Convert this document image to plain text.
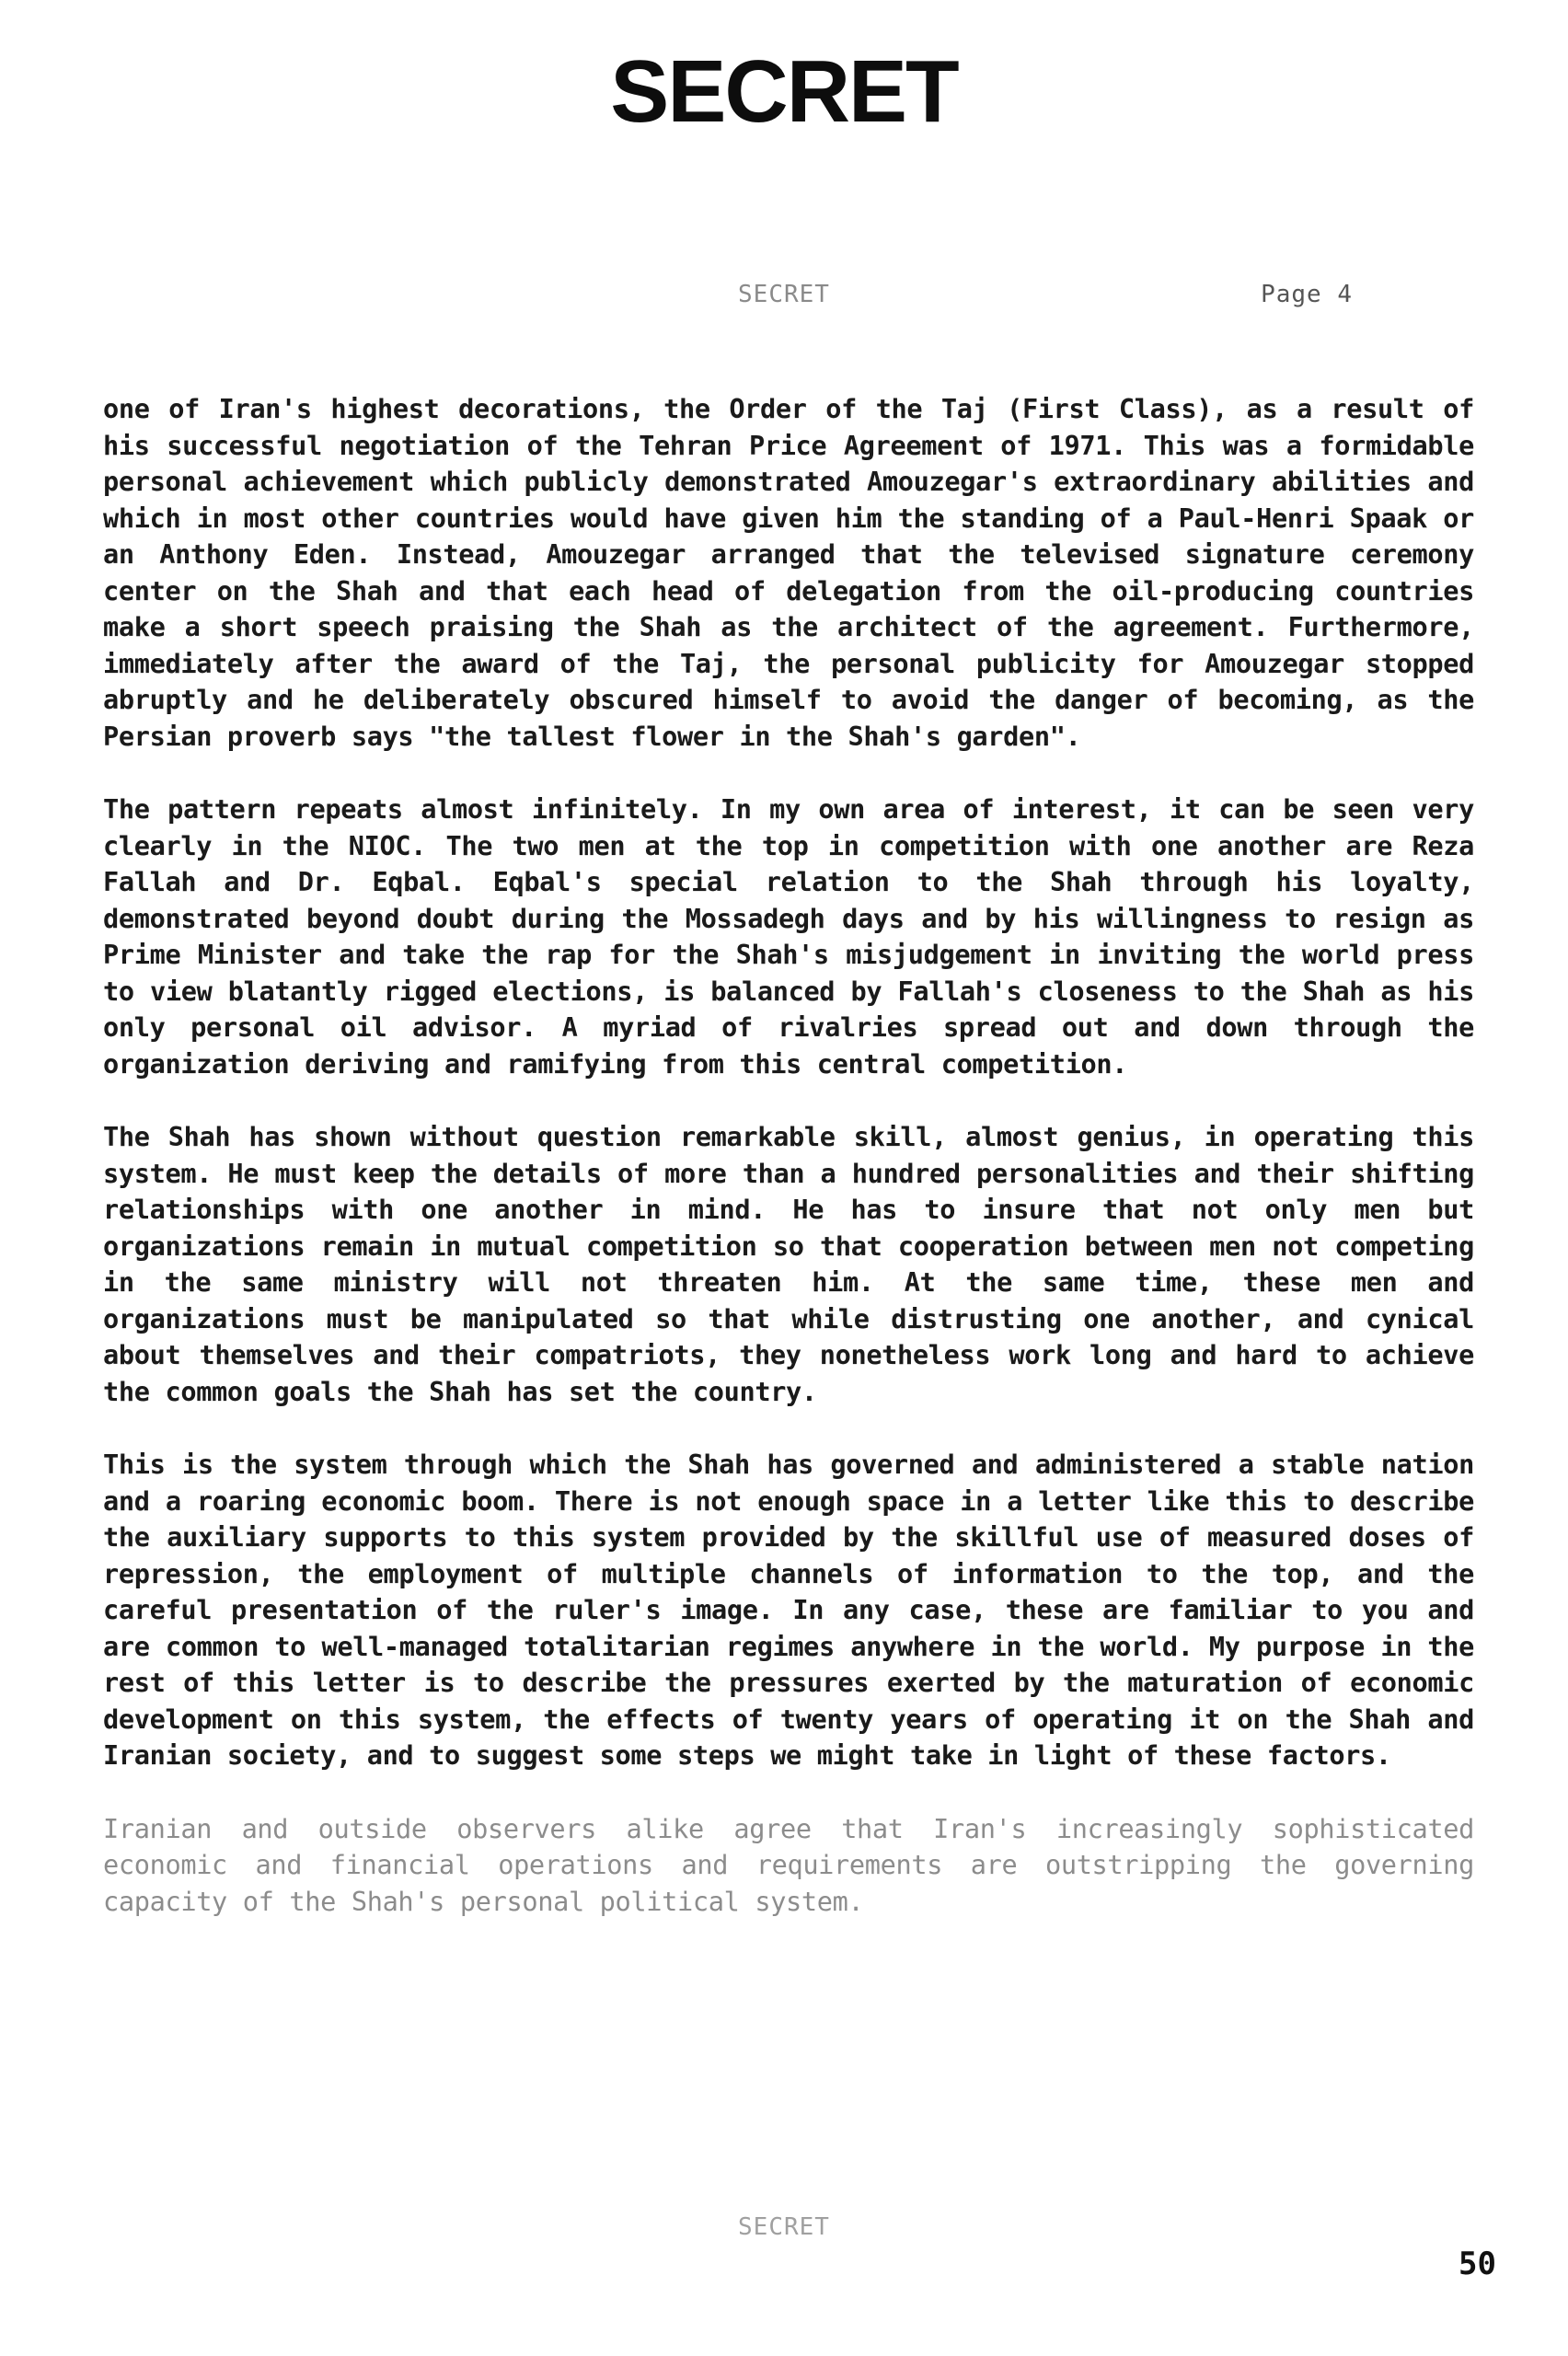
SECRET
SECRET	Page 4

one of Iran's highest decorations, the Order of the Taj (First Class), as a result of his successful negotiation of the Tehran Price Agreement of 1971. This was a formidable personal achievement which publicly demonstrated Amouzegar's extraordinary abilities and which in most other countries would have given him the standing of a Paul-Henri Spaak or an Anthony Eden. Instead, Amouzegar arranged that the televised signature ceremony center on the Shah and that each head of delegation from the oil-producing countries make a short speech praising the Shah as the architect of the agreement. Furthermore, immediately after the award of the Taj, the personal publicity for Amouzegar stopped abruptly and he deliberately obscured himself to avoid the danger of becoming, as the Persian proverb says "the tallest flower in the Shah's garden".

The pattern repeats almost infinitely. In my own area of interest, it can be seen very clearly in the NIOC. The two men at the top in competition with one another are Reza Fallah and Dr. Eqbal. Eqbal's special relation to the Shah through his loyalty, demonstrated beyond doubt during the Mossadegh days and by his willingness to resign as Prime Minister and take the rap for the Shah's misjudgement in inviting the world press to view blatantly rigged elections, is balanced by Fallah's closeness to the Shah as his only personal oil advisor. A myriad of rivalries spread out and down through the organization deriving and ramifying from this central competition.

The Shah has shown without question remarkable skill, almost genius, in operating this system. He must keep the details of more than a hundred personalities and their shifting relationships with one another in mind. He has to insure that not only men but organizations remain in mutual competition so that cooperation between men not competing in the same ministry will not threaten him. At the same time, these men and organizations must be manipulated so that while distrusting one another, and cynical about themselves and their compatriots, they nonetheless work long and hard to achieve the common goals the Shah has set the country.

This is the system through which the Shah has governed and administered a stable nation and a roaring economic boom. There is not enough space in a letter like this to describe the auxiliary supports to this system provided by the skillful use of measured doses of repression, the employment of multiple channels of information to the top, and the careful presentation of the ruler's image. In any case, these are familiar to you and are common to well-managed totalitarian regimes anywhere in the world. My purpose in the rest of this letter is to describe the pressures exerted by the maturation of economic development on this system, the effects of twenty years of operating it on the Shah and Iranian society, and to suggest some steps we might take in light of these factors.

Iranian and outside observers alike agree that Iran's increasingly sophisticated economic and financial operations and requirements are outstripping the governing capacity of the Shah's personal political system.

SECRET
50
